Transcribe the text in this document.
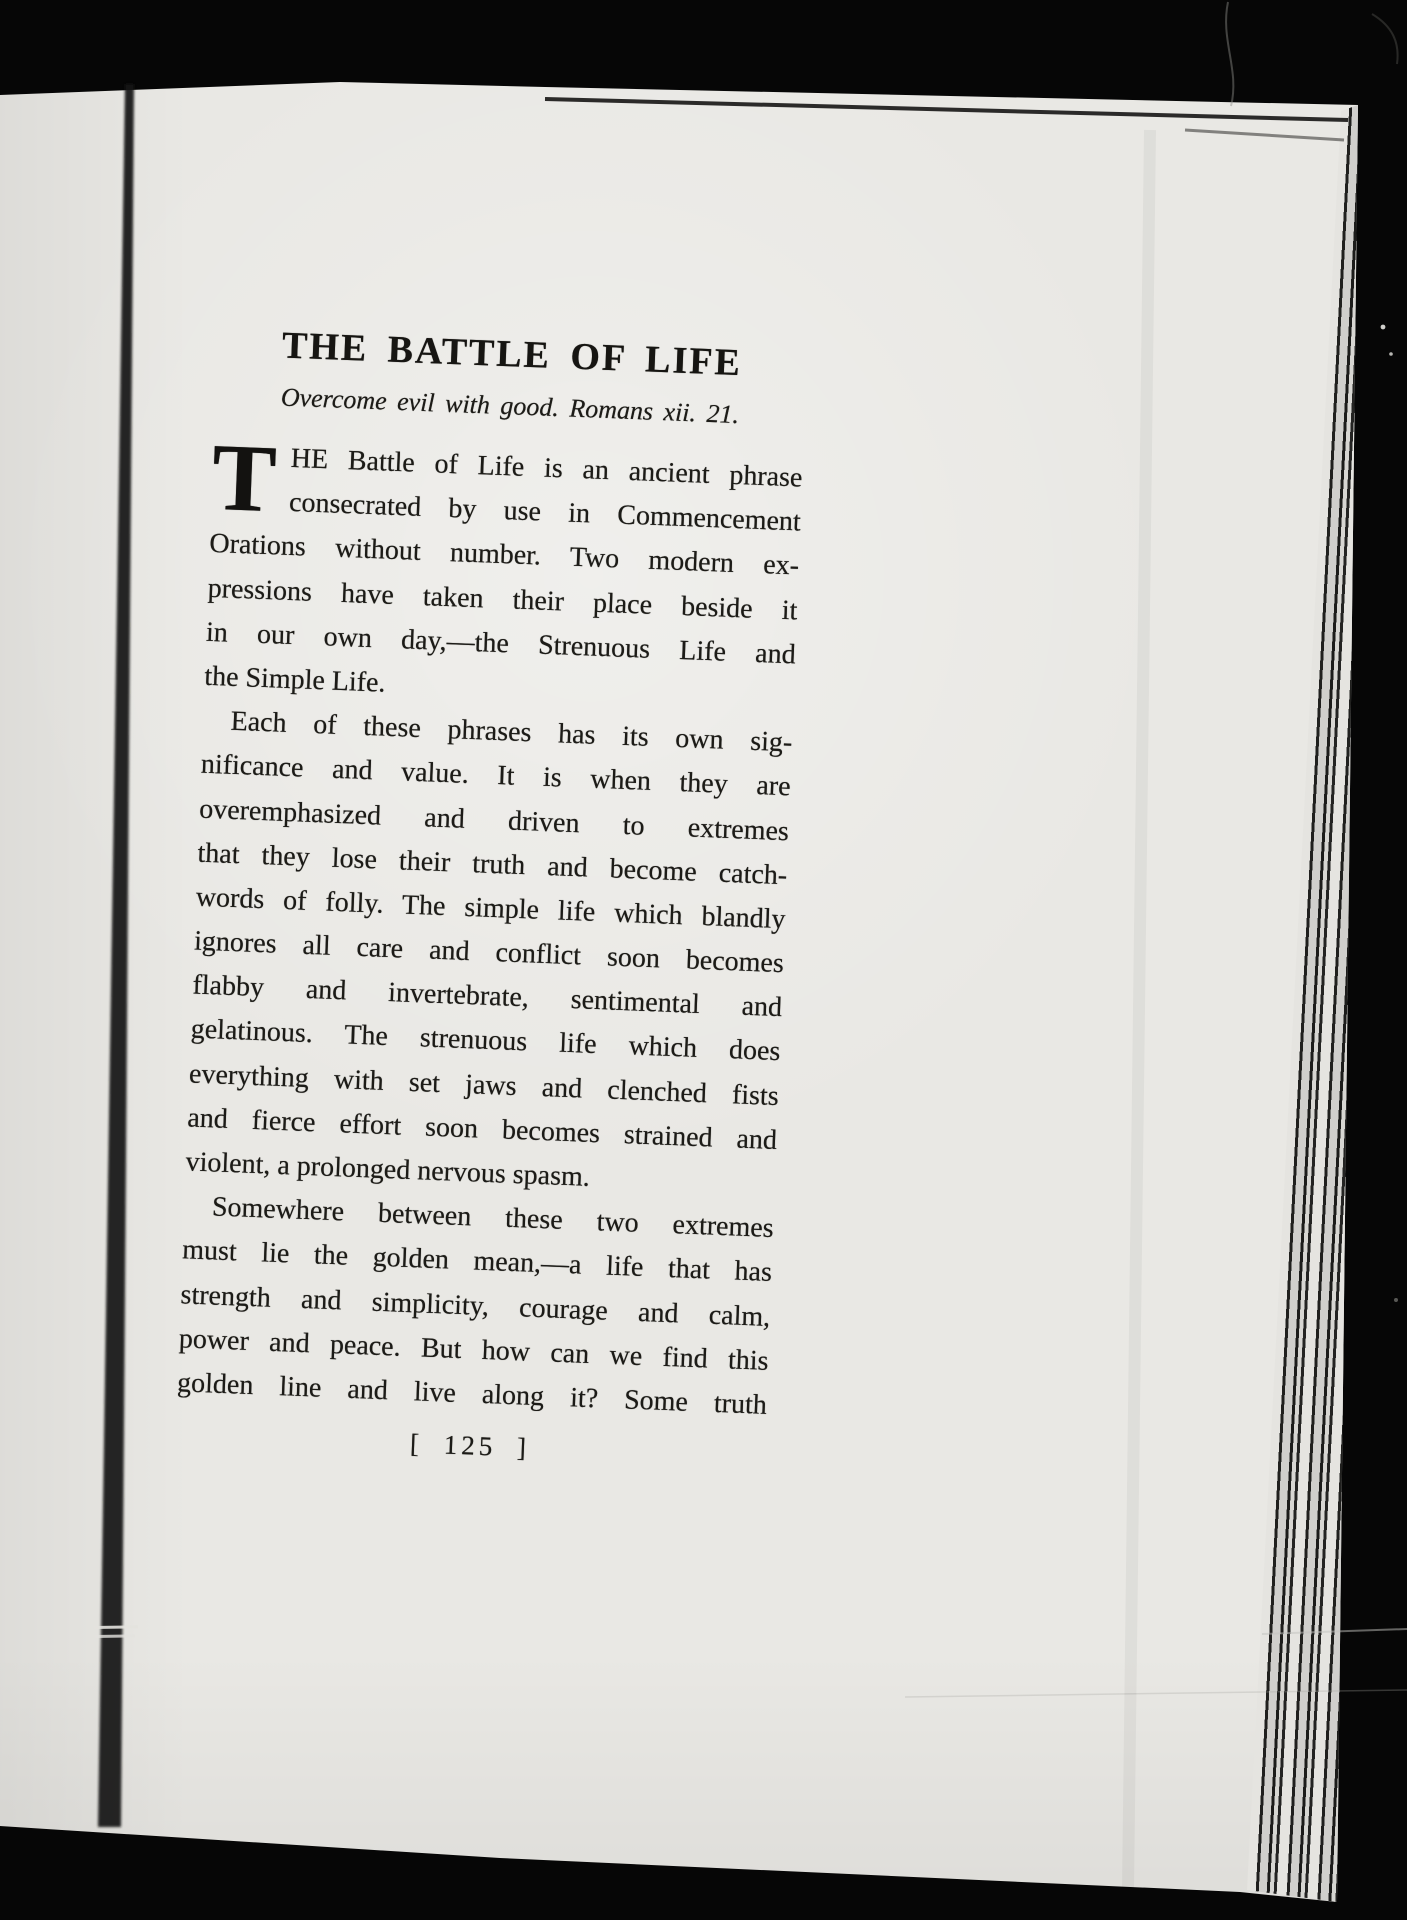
THE BATTLE OF LIFE
Overcome evil with good. Romans xii. 21.
THE Battle of Life is an ancient phrase
consecrated by use in Commencement
Orations without number. Two modern ex-
pressions have taken their place beside it
in our own day,—the Strenuous Life and
the Simple Life.
Each of these phrases has its own sig-
nificance and value. It is when they are
overemphasized and driven to extremes
that they lose their truth and become catch-
words of folly. The simple life which blandly
ignores all care and conflict soon becomes
flabby and invertebrate, sentimental and
gelatinous. The strenuous life which does
everything with set jaws and clenched fists
and fierce effort soon becomes strained and
violent, a prolonged nervous spasm.
Somewhere between these two extremes
must lie the golden mean,—a life that has
strength and simplicity, courage and calm,
power and peace. But how can we find this
golden line and live along it? Some truth
[ 125 ]
